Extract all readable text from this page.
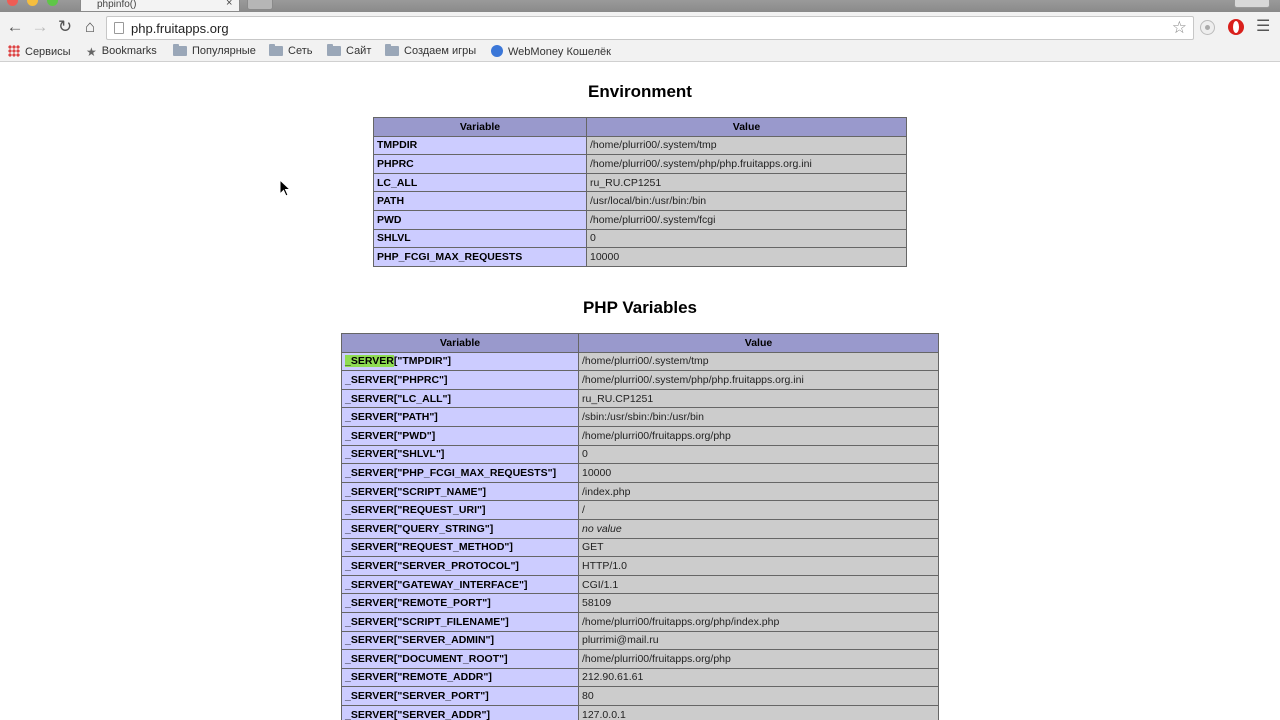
phpinfo()	×
← → ↻ ⌂	php.fruitapps.org	☆	☰
Сервисы ★ Bookmarks	Популярные	Сеть	Сайт	Создаем игры	WebMoney Кошелёк
Environment
Variable	Value
TMPDIR	/home/plurri00/.system/tmp
PHPRC	/home/plurri00/.system/php/php.fruitapps.org.ini
LC_ALL	ru_RU.CP1251
PATH	/usr/local/bin:/usr/bin:/bin
PWD	/home/plurri00/.system/fcgi
SHLVL	0
PHP_FCGI_MAX_REQUESTS	10000
PHP Variables
Variable	Value
_SERVER["TMPDIR"]	/home/plurri00/.system/tmp
_SERVER["PHPRC"]	/home/plurri00/.system/php/php.fruitapps.org.ini
_SERVER["LC_ALL"]	ru_RU.CP1251
_SERVER["PATH"]	/sbin:/usr/sbin:/bin:/usr/bin
_SERVER["PWD"]	/home/plurri00/fruitapps.org/php
_SERVER["SHLVL"]	0
_SERVER["PHP_FCGI_MAX_REQUESTS"]	10000
_SERVER["SCRIPT_NAME"]	/index.php
_SERVER["REQUEST_URI"]	/
_SERVER["QUERY_STRING"]	no value
_SERVER["REQUEST_METHOD"]	GET
_SERVER["SERVER_PROTOCOL"]	HTTP/1.0
_SERVER["GATEWAY_INTERFACE"]	CGI/1.1
_SERVER["REMOTE_PORT"]	58109
_SERVER["SCRIPT_FILENAME"]	/home/plurri00/fruitapps.org/php/index.php
_SERVER["SERVER_ADMIN"]	plurrimi@mail.ru
_SERVER["DOCUMENT_ROOT"]	/home/plurri00/fruitapps.org/php
_SERVER["REMOTE_ADDR"]	212.90.61.61
_SERVER["SERVER_PORT"]	80
_SERVER["SERVER_ADDR"]	127.0.0.1
